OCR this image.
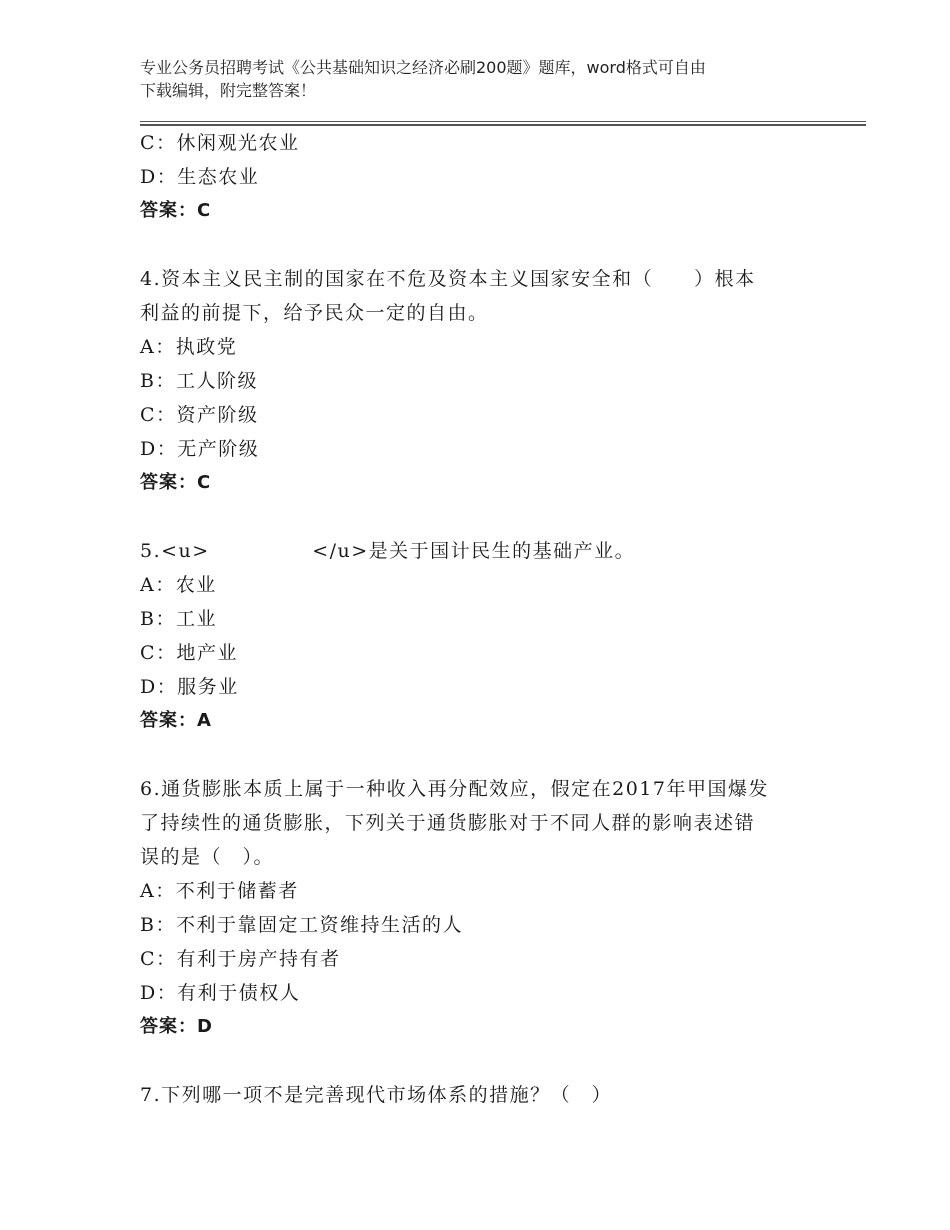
专业公务员招聘考试《公共基础知识之经济必刷200题》题库，word格式可自由
下载编辑，附完整答案！

C：休闲观光农业

D：生态农业

答案：C

4.资本主义民主制的国家在不危及资本主义国家安全和（　　）根本

利益的前提下，给予民众一定的自由。

A：执政党

B：工人阶级

C：资产阶级

D：无产阶级

答案：C

5.<u>　　　　　</u>是关于国计民生的基础产业。

A：农业

B：工业

C：地产业

D：服务业

答案：A

6.通货膨胀本质上属于一种收入再分配效应，假定在2017年甲国爆发

了持续性的通货膨胀，下列关于通货膨胀对于不同人群的影响表述错

误的是（　）。

A：不利于储蓄者

B：不利于靠固定工资维持生活的人

C：有利于房产持有者

D：有利于债权人

答案：D

7.下列哪一项不是完善现代市场体系的措施？（　）
